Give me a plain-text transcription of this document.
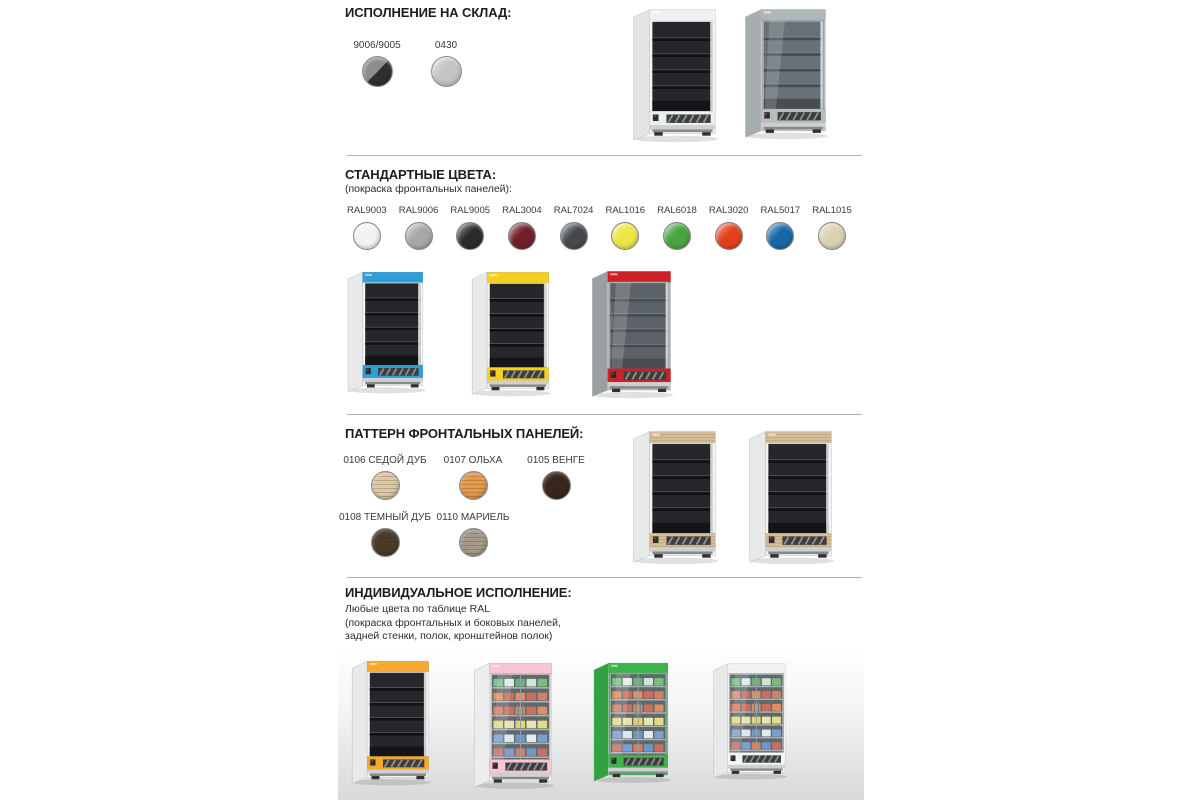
ИСПОЛНЕНИЕ НА СКЛАД:
9006/9005	0430
СТАНДАРТНЫЕ ЦВЕТА:
(покраска фронтальных панелей):
RAL9003 RAL9006 RAL9005 RAL3004 RAL7024 RAL1016 RAL6018 RAL3020 RAL5017 RAL1015
ПАТТЕРН ФРОНТАЛЬНЫХ ПАНЕЛЕЙ:
0106 СЕДОЙ ДУБ 0107 ОЛЬХА 0105 ВЕНГЕ
0108 ТЕМНЫЙ ДУБ 0110 МАРИЕЛЬ
ИНДИВИДУАЛЬНОЕ ИСПОЛНЕНИЕ:
Любые цвета по таблице RAL
(покраска фронтальных и боковых панелей,
задней стенки, полок, кронштейнов полок)
